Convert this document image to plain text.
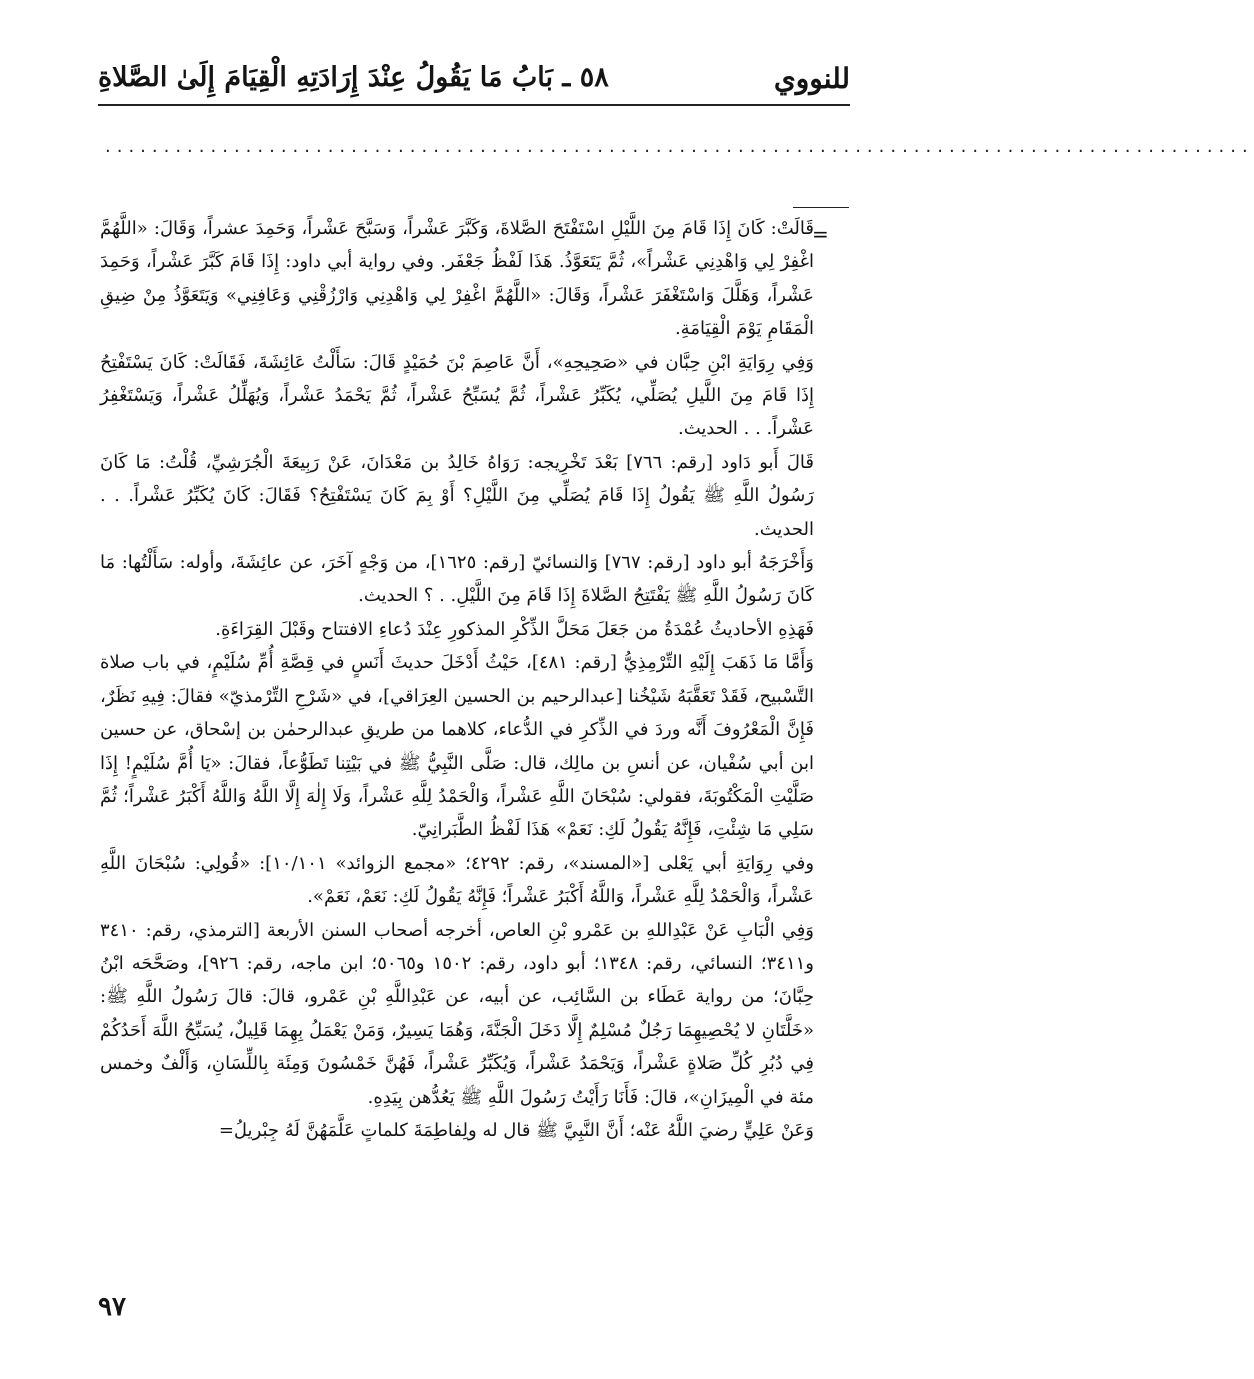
للنووي
٥٨ ـ بَابُ مَا يَقُولُ عِنْدَ إِرَادَتِهِ الْقِيَامَ إِلَىٰ الصَّلاةِ
..................................................................................................
=

قَالَتْ: كَانَ إِذَا قَامَ مِنَ اللَّيْلِ اسْتَفْتَحَ الصَّلاةَ، وَكَبَّرَ عَشْراً، وَسَبَّحَ عَشْراً، وَحَمِدَ عشراً، وَقَالَ: «اللَّهُمَّ اغْفِرْ لِي وَاهْدِنِي عَشْراً»، ثُمَّ يَتَعَوَّذُ. هَذَا لَفْظُ جَعْفَر. وفي رواية أبي داود: إِذَا قَامَ كَبَّرَ عَشْراً، وَحَمِدَ عَشْراً، وَهَلَّلَ وَاسْتَغْفَرَ عَشْراً، وَقَالَ: «اللَّهُمَّ اغْفِرْ لِي وَاهْدِنِي وَارْزُقْنِي وَعَافِنِي» وَيَتَعَوَّذُ مِنْ ضِيقِ الْمَقَامِ يَوْمَ الْقِيَامَةِ.

وَفِي رِوَايَةِ ابْنِ حِبَّان في «صَحِيحِهِ»، أَنَّ عَاصِمَ بْنَ حُمَيْدٍ قَالَ: سَأَلْتُ عَائِشَةَ، فَقَالَتْ: كَانَ يَسْتَفْتِحُ إِذَا قَامَ مِنَ اللَّيلِ يُصَلِّي، يُكَبِّرُ عَشْراً، ثُمَّ يُسَبِّحُ عَشْراً، ثُمَّ يَحْمَدُ عَشْراً، وَيُهَلِّلُ عَشْراً، وَيَسْتَغْفِرُ عَشْراً. . . الحديث.

قَالَ أَبو دَاود [رقم: ٧٦٦] بَعْدَ تَخْرِيجه: رَوَاهُ خَالِدُ بن مَعْدَانَ، عَنْ رَبِيعَةَ الْجُرَشِيِّ، قُلْتُ: مَا كَانَ رَسُولُ اللَّهِ ﷺ يَقُولُ إِذَا قَامَ يُصَلِّي مِنَ اللَّيْلِ؟ أَوْ بِمَ كَانَ يَسْتَفْتِحُ؟ فَقَالَ: كَانَ يُكَبِّرُ عَشْراً. . . الحديث.

وَأَخْرَجَهُ أبو داود [رقم: ٧٦٧] وَالنسائيّ [رقم: ١٦٢٥]، من وَجْهٍ آخَرَ، عن عائِشَةَ، وأوله: سَأَلْتُها: مَا كَانَ رَسُولُ اللَّهِ ﷺ يَفْتَتِحُ الصَّلاةَ إِذَا قَامَ مِنَ اللَّيْلِ. . ؟ الحديث.

فَهَذِهِ الأحاديثُ عُمْدَةُ من جَعَلَ مَحَلَّ الذِّكْرِ المذكورِ عِنْدَ دُعاءِ الافتتاح وقَبْلَ القِرَاءَةِ.

وَأَمَّا مَا ذَهَبَ إِلَيْهِ التِّرْمِذِيُّ [رقم: ٤٨١]، حَيْثُ أَدْخَلَ حديثَ أَنَسٍ في قِصَّةِ أُمِّ سُلَيْمٍ، في باب صلاة التَّسْبيح، فَقَدْ تَعَقَّبَهُ شَيْخُنا [عبدالرحيم بن الحسين العِرَاقي]، في «شَرْحِ التِّرْمذيّ» فقالَ: فِيهِ نَظَرٌ، فَإِنَّ الْمَعْرُوفَ أَنَّه وردَ في الذِّكرِ في الدُّعاء، كلاهما من طريقِ عبدالرحمٰن بن إسْحاق، عن حسين ابن أبي سُفْيان، عن أنسِ بن مالِك، قال: صَلَّى النَّبِيُّ ﷺ في بَيْتِنا تَطَوُّعاً، فقالَ: «يَا أُمَّ سُلَيْمٍ! إِذَا صَلَّيْتِ الْمَكْتُوبَةَ، فقولي: سُبْحَانَ اللَّهِ عَشْراً، وَالْحَمْدُ لِلَّهِ عَشْراً، وَلَا إِلٰهَ إِلَّا اللَّهُ وَاللَّهُ أَكْبَرُ عَشْراً؛ ثُمَّ سَلِي مَا شِئْتِ، فَإِنَّهُ يَقُولُ لَكِ: نَعَمْ» هَذَا لَفْظُ الطَّبَرانِيّ.

وفي رِوَايَةِ أبي يَعْلى [«المسند»، رقم: ٤٢٩٢؛ «مجمع الزوائد» ١٠/١٠١]: «قُولِي: سُبْحَانَ اللَّهِ عَشْراً، وَالْحَمْدُ لِلَّهِ عَشْراً، وَاللَّهُ أَكْبَرُ عَشْراً؛ فَإِنَّهُ يَقُولُ لَكِ: نَعَمْ، نَعَمْ».

وَفِي الْبَابِ عَنْ عَبْدِاللهِ بن عَمْرو بْنِ العاص، أخرجه أصحاب السنن الأربعة [الترمذي، رقم: ٣٤١٠ و٣٤١١؛ النسائي، رقم: ١٣٤٨؛ أبو داود، رقم: ١٥٠٢ و٥٠٦٥؛ ابن ماجه، رقم: ٩٢٦]، وصَحَّحَه ابْنُ حِبَّانَ؛ من رواية عَطَاء بن السَّائِب، عن أبيه، عن عَبْدِاللَّهِ بْنِ عَمْرو، قالَ: قالَ رَسُولُ اللَّهِ ﷺ: «خَلَّتَانِ لا يُحْصِيهِمَا رَجُلٌ مُسْلِمٌ إِلَّا دَخَلَ الْجَنَّةَ، وَهُمَا يَسِيرٌ، وَمَنْ يَعْمَلُ بِهِمَا قَلِيلٌ، يُسَبِّحُ اللَّهَ أَحَدُكُمْ فِي دُبُرِ كُلِّ صَلاةٍ عَشْراً، وَيَحْمَدُ عَشْراً، وَيُكَبِّرُ عَشْراً، فَهُنَّ خَمْسُونَ وَمِئَة بِاللِّسَانِ، وَأَلْفٌ وخمس مئة في الْمِيزَانِ»، قالَ: فَأَنَا رَأَيْتُ رَسُولَ اللَّهِ ﷺ يَعُدُّهن بِيَدِهِ.

وَعَنْ عَلِيٍّ رضيَ اللَّهُ عَنْه؛ أَنَّ النَّبِيَّ ﷺ قال له ولِفاطِمَةَ كلماتٍ عَلَّمَهُنَّ لَهُ جِبْريلُ=

٩٧
